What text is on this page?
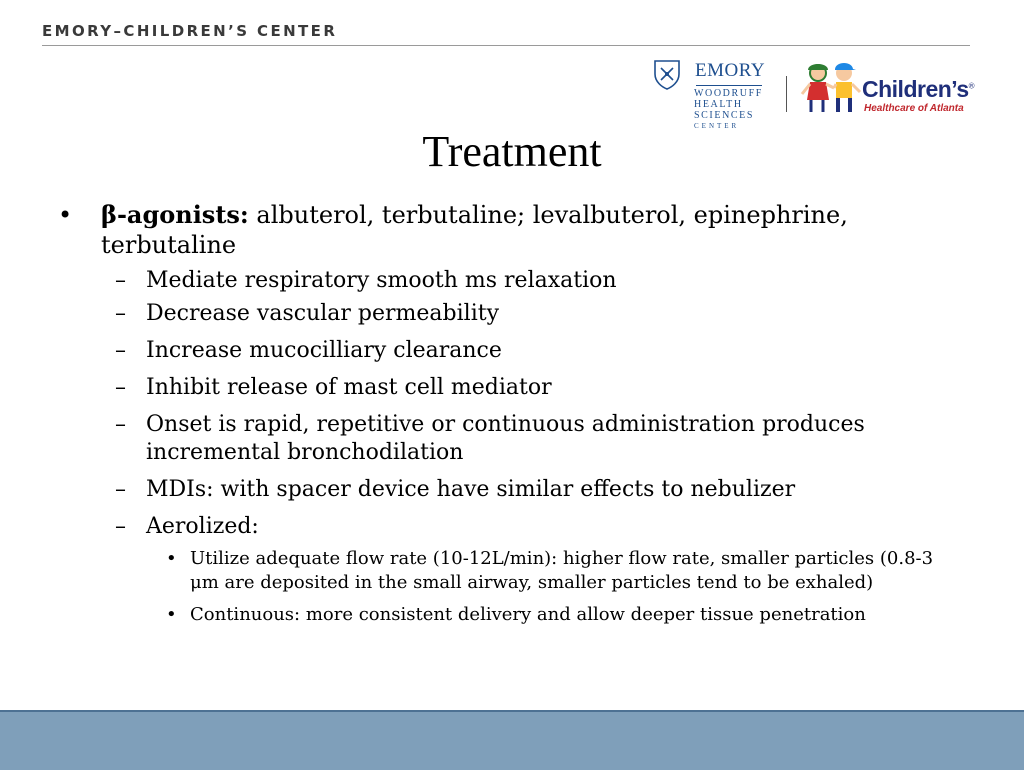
EMORY–CHILDREN’S CENTER
EMORY
WOODRUFF
HEALTH
SCIENCES
CENTER
Children’s®
Healthcare of Atlanta
Treatment
• β-agonists: albuterol, terbutaline; levalbuterol, epinephrine, terbutaline
– Mediate respiratory smooth ms relaxation
– Decrease vascular permeability
– Increase mucocilliary clearance
– Inhibit release of mast cell mediator
– Onset is rapid, repetitive or continuous administration produces incremental bronchodilation
– MDIs: with spacer device have similar effects to nebulizer
– Aerolized:
• Utilize adequate flow rate (10-12L/min): higher flow rate, smaller particles (0.8-3 μm are deposited in the small airway, smaller particles tend to be exhaled)
• Continuous: more consistent delivery and allow deeper tissue penetration
